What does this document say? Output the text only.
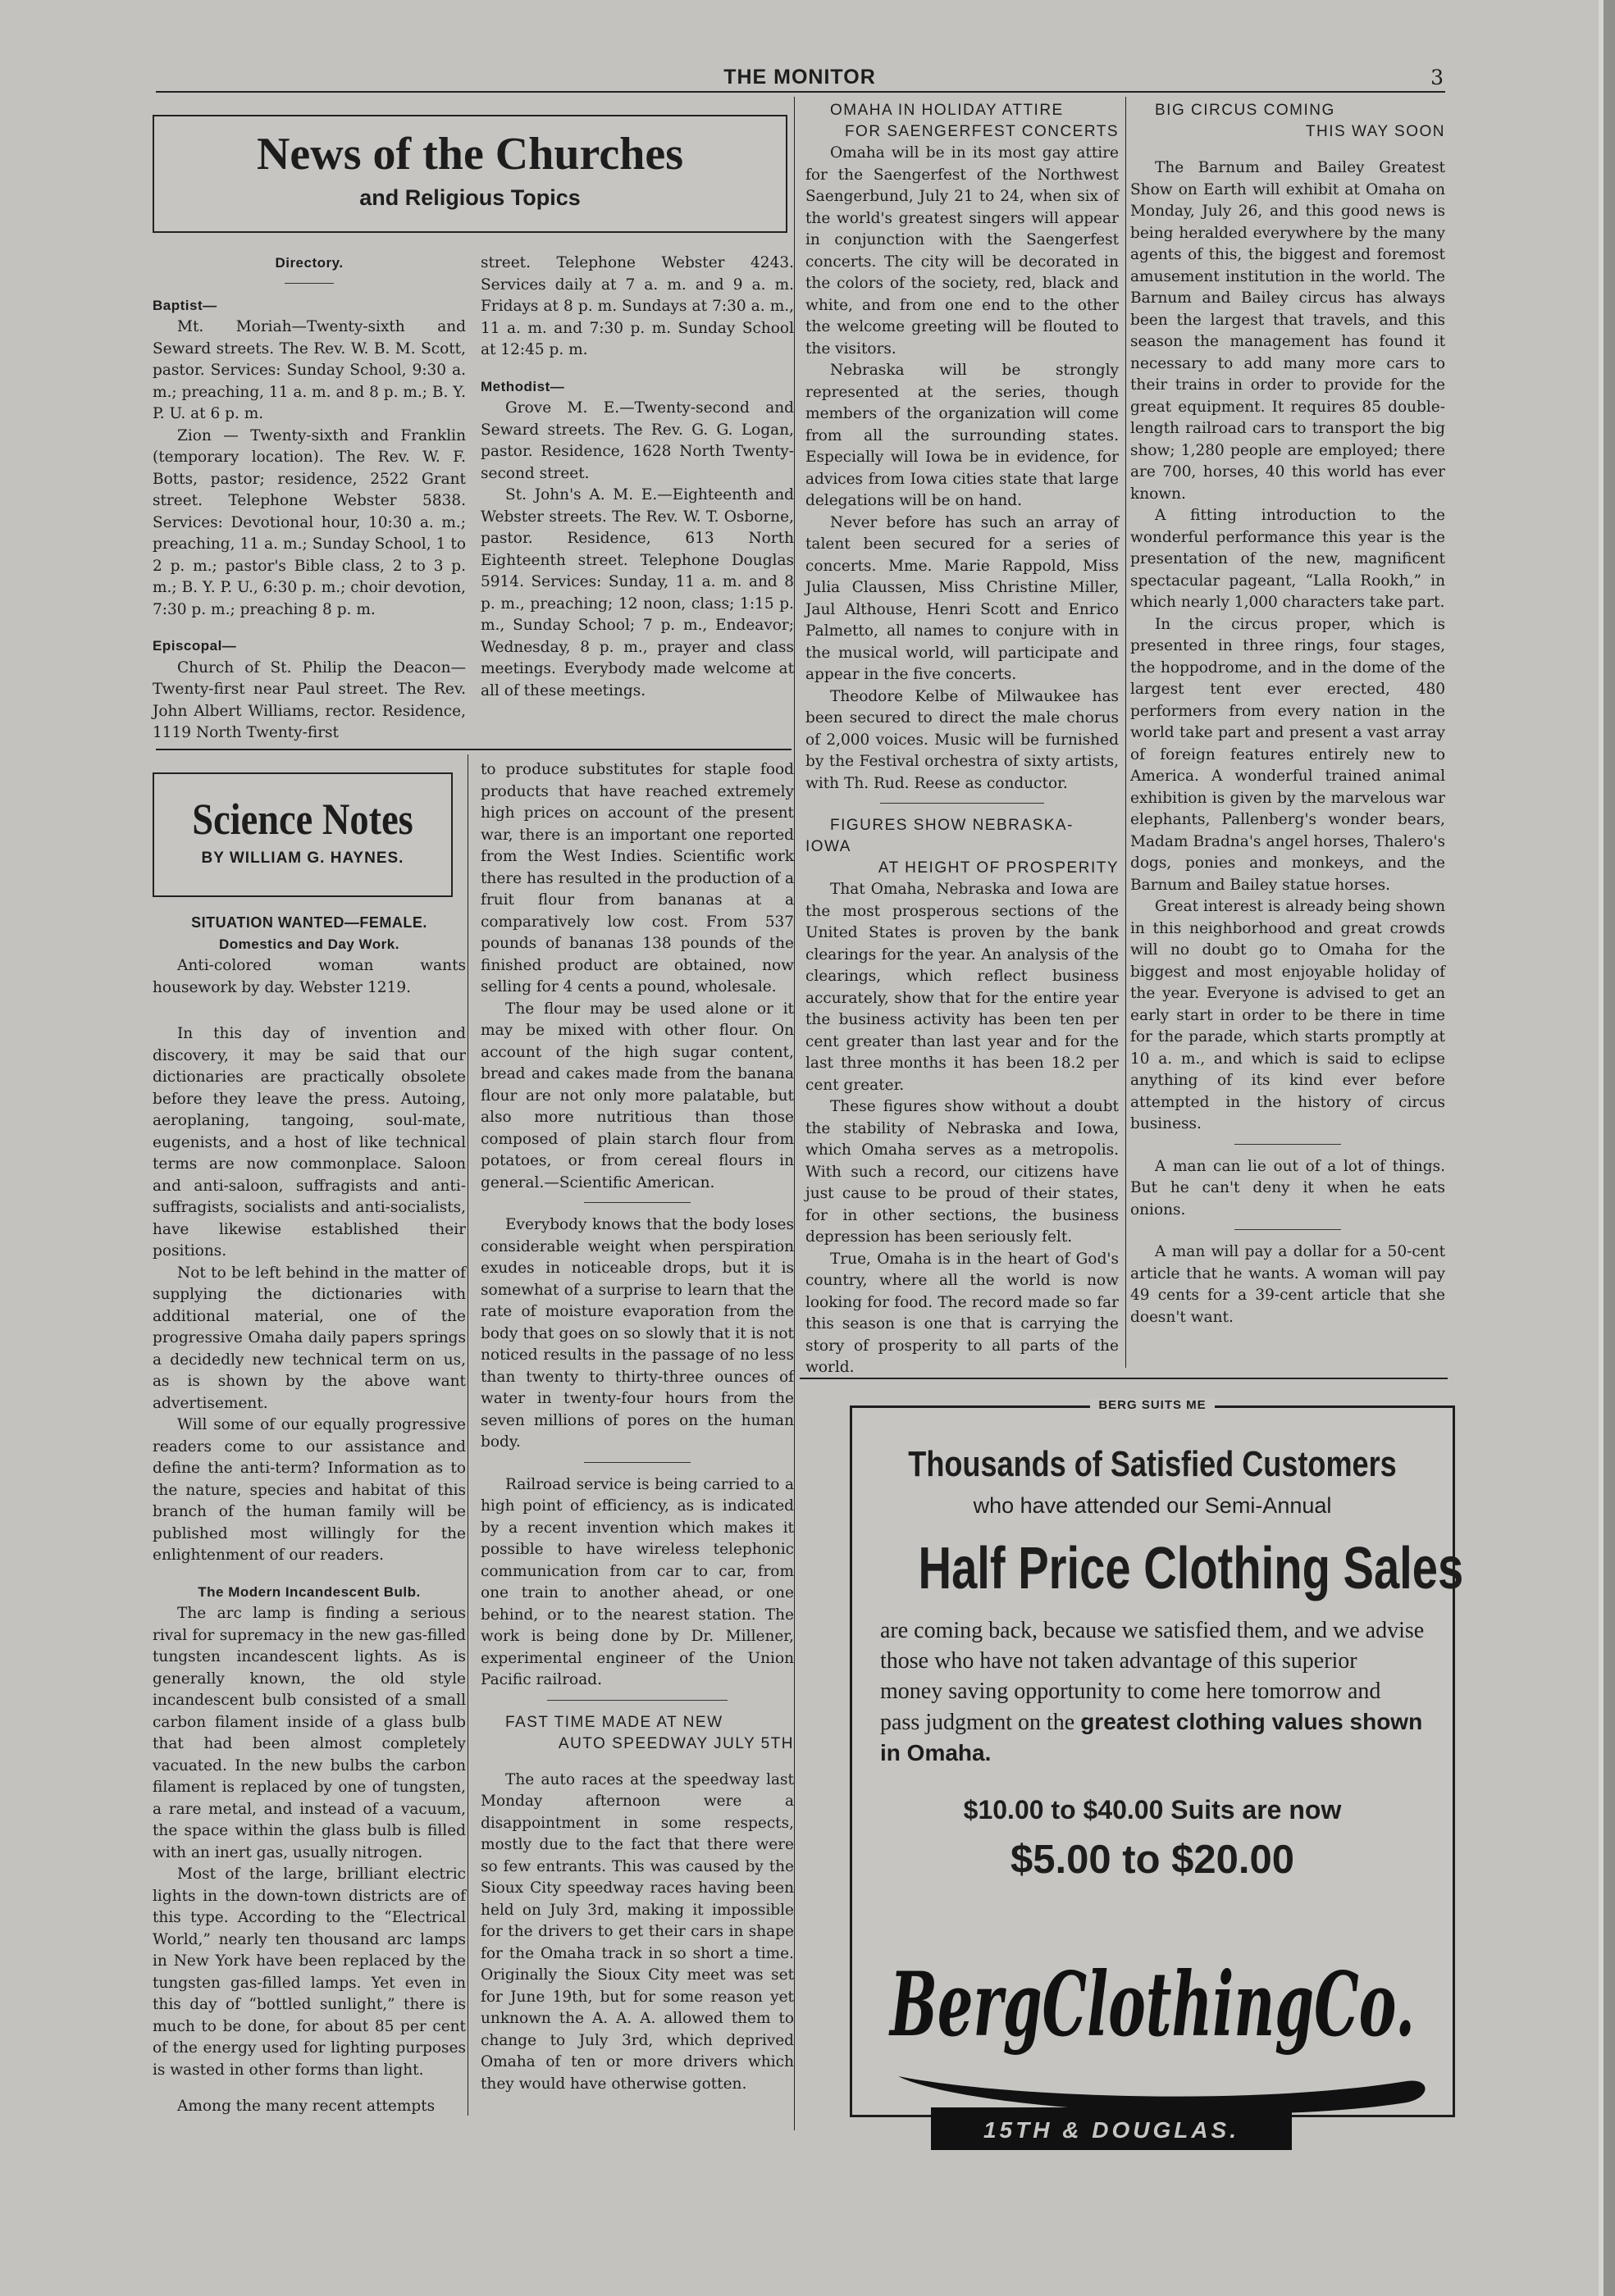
THE MONITOR	3
News of the Churches
and Religious Topics

Directory.

Baptist—

Mt. Moriah—Twenty-sixth and Seward streets. The Rev. W. B. M. Scott, pastor. Services: Sunday School, 9:30 a. m.; preaching, 11 a. m. and 8 p. m.; B. Y. P. U. at 6 p. m.

Zion — Twenty-sixth and Franklin (temporary location). The Rev. W. F. Botts, pastor; residence, 2522 Grant street. Telephone Webster 5838. Services: Devotional hour, 10:30 a. m.; preaching, 11 a. m.; Sunday School, 1 to 2 p. m.; pastor's Bible class, 2 to 3 p. m.; B. Y. P. U., 6:30 p. m.; choir devotion, 7:30 p. m.; preaching 8 p. m.

Episcopal—

Church of St. Philip the Deacon—Twenty-first near Paul street. The Rev. John Albert Williams, rector. Residence, 1119 North Twenty-first

street. Telephone Webster 4243. Services daily at 7 a. m. and 9 a. m. Fridays at 8 p. m. Sundays at 7:30 a. m., 11 a. m. and 7:30 p. m. Sunday School at 12:45 p. m.

Methodist—

Grove M. E.—Twenty-second and Seward streets. The Rev. G. G. Logan, pastor. Residence, 1628 North Twenty-second street.

St. John's A. M. E.—Eighteenth and Webster streets. The Rev. W. T. Osborne, pastor. Residence, 613 North Eighteenth street. Telephone Douglas 5914. Services: Sunday, 11 a. m. and 8 p. m., preaching; 12 noon, class; 1:15 p. m., Sunday School; 7 p. m., Endeavor; Wednesday, 8 p. m., prayer and class meetings. Everybody made welcome at all of these meetings.

Science Notes
BY WILLIAM G. HAYNES.

SITUATION WANTED—FEMALE.

Domestics and Day Work.

Anti-colored woman wants housework by day. Webster 1219.

In this day of invention and discovery, it may be said that our dictionaries are practically obsolete before they leave the press. Autoing, aeroplaning, tangoing, soul-mate, eugenists, and a host of like technical terms are now commonplace. Saloon and anti-saloon, suffragists and anti-suffragists, socialists and anti-socialists, have likewise established their positions.

Not to be left behind in the matter of supplying the dictionaries with additional material, one of the progressive Omaha daily papers springs a decidedly new technical term on us, as is shown by the above want advertisement.

Will some of our equally progressive readers come to our assistance and define the anti-term? Information as to the nature, species and habitat of this branch of the human family will be published most willingly for the enlightenment of our readers.

The Modern Incandescent Bulb.

The arc lamp is finding a serious rival for supremacy in the new gas-filled tungsten incandescent lights. As is generally known, the old style incandescent bulb consisted of a small carbon filament inside of a glass bulb that had been almost completely vacuated. In the new bulbs the carbon filament is replaced by one of tungsten, a rare metal, and instead of a vacuum, the space within the glass bulb is filled with an inert gas, usually nitrogen.

Most of the large, brilliant electric lights in the down-town districts are of this type. According to the “Electrical World,” nearly ten thousand arc lamps in New York have been replaced by the tungsten gas-filled lamps. Yet even in this day of “bottled sunlight,” there is much to be done, for about 85 per cent of the energy used for lighting purposes is wasted in other forms than light.

Among the many recent attempts

to produce substitutes for staple food products that have reached extremely high prices on account of the present war, there is an important one reported from the West Indies. Scientific work there has resulted in the production of a fruit flour from bananas at a comparatively low cost. From 537 pounds of bananas 138 pounds of the finished product are obtained, now selling for 4 cents a pound, wholesale.

The flour may be used alone or it may be mixed with other flour. On account of the high sugar content, bread and cakes made from the banana flour are not only more palatable, but also more nutritious than those composed of plain starch flour from potatoes, or from cereal flours in general.—Scientific American.

Everybody knows that the body loses considerable weight when perspiration exudes in noticeable drops, but it is somewhat of a surprise to learn that the rate of moisture evaporation from the body that goes on so slowly that it is not noticed results in the passage of no less than twenty to thirty-three ounces of water in twenty-four hours from the seven millions of pores on the human body.

Railroad service is being carried to a high point of efficiency, as is indicated by a recent invention which makes it possible to have wireless telephonic communication from car to car, from one train to another ahead, or one behind, or to the nearest station. The work is being done by Dr. Millener, experimental engineer of the Union Pacific railroad.

FAST TIME MADE AT NEW
AUTO SPEEDWAY JULY 5TH

The auto races at the speedway last Monday afternoon were a disappointment in some respects, mostly due to the fact that there were so few entrants. This was caused by the Sioux City speedway races having been held on July 3rd, making it impossible for the drivers to get their cars in shape for the Omaha track in so short a time. Originally the Sioux City meet was set for June 19th, but for some reason yet unknown the A. A. A. allowed them to change to July 3rd, which deprived Omaha of ten or more drivers which they would have otherwise gotten.

OMAHA IN HOLIDAY ATTIRE
FOR SAENGERFEST CONCERTS

Omaha will be in its most gay attire for the Saengerfest of the Northwest Saengerbund, July 21 to 24, when six of the world's greatest singers will appear in conjunction with the Saengerfest concerts. The city will be decorated in the colors of the society, red, black and white, and from one end to the other the welcome greeting will be flouted to the visitors.

Nebraska will be strongly represented at the series, though members of the organization will come from all the surrounding states. Especially will Iowa be in evidence, for advices from Iowa cities state that large delegations will be on hand.

Never before has such an array of talent been secured for a series of concerts. Mme. Marie Rappold, Miss Julia Claussen, Miss Christine Miller, Jaul Althouse, Henri Scott and Enrico Palmetto, all names to conjure with in the musical world, will participate and appear in the five concerts.

Theodore Kelbe of Milwaukee has been secured to direct the male chorus of 2,000 voices. Music will be furnished by the Festival orchestra of sixty artists, with Th. Rud. Reese as conductor.

FIGURES SHOW NEBRASKA-IOWA
AT HEIGHT OF PROSPERITY

That Omaha, Nebraska and Iowa are the most prosperous sections of the United States is proven by the bank clearings for the year. An analysis of the clearings, which reflect business accurately, show that for the entire year the business activity has been ten per cent greater than last year and for the last three months it has been 18.2 per cent greater.

These figures show without a doubt the stability of Nebraska and Iowa, which Omaha serves as a metropolis. With such a record, our citizens have just cause to be proud of their states, for in other sections, the business depression has been seriously felt.

True, Omaha is in the heart of God's country, where all the world is now looking for food. The record made so far this season is one that is carrying the story of prosperity to all parts of the world.

BIG CIRCUS COMING
THIS WAY SOON

The Barnum and Bailey Greatest Show on Earth will exhibit at Omaha on Monday, July 26, and this good news is being heralded everywhere by the many agents of this, the biggest and foremost amusement institution in the world. The Barnum and Bailey circus has always been the largest that travels, and this season the management has found it necessary to add many more cars to their trains in order to provide for the great equipment. It requires 85 double-length railroad cars to transport the big show; 1,280 people are employed; there are 700, horses, 40 this world has ever known.

A fitting introduction to the wonderful performance this year is the presentation of the new, magnificent spectacular pageant, “Lalla Rookh,” in which nearly 1,000 characters take part.

In the circus proper, which is presented in three rings, four stages, the hoppodrome, and in the dome of the largest tent ever erected, 480 performers from every nation in the world take part and present a vast array of foreign features entirely new to America. A wonderful trained animal exhibition is given by the marvelous war elephants, Pallenberg's wonder bears, Madam Bradna's angel horses, Thalero's dogs, ponies and monkeys, and the Barnum and Bailey statue horses.

Great interest is already being shown in this neighborhood and great crowds will no doubt go to Omaha for the biggest and most enjoyable holiday of the year. Everyone is advised to get an early start in order to be there in time for the parade, which starts promptly at 10 a. m., and which is said to eclipse anything of its kind ever before attempted in the history of circus business.

A man can lie out of a lot of things. But he can't deny it when he eats onions.

A man will pay a dollar for a 50-cent article that he wants. A woman will pay 49 cents for a 39-cent article that she doesn't want.

BERG SUITS ME
Thousands of Satisfied Customers
who have attended our Semi-Annual
Half Price Clothing Sales
are coming back, because we satisfied them, and we advise those who have not taken advantage of this superior money saving opportunity to come here tomorrow and pass judgment on the greatest clothing values shown in Omaha.
$10.00 to $40.00 Suits are now
$5.00 to $20.00
BergClothingCo.
15TH & DOUGLAS.
